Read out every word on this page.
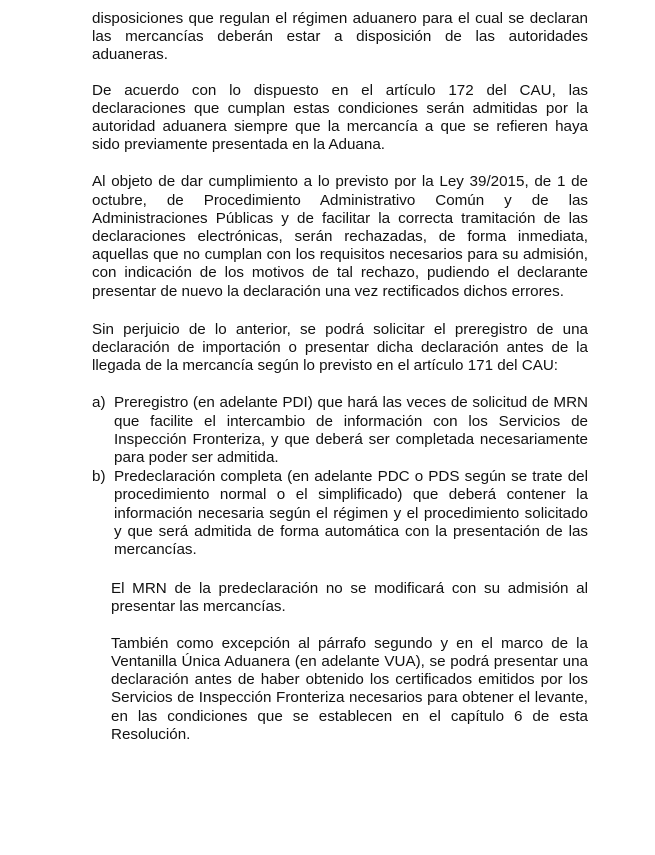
disposiciones que regulan el régimen aduanero para el cual se declaran las mercancías deberán estar a disposición de las autoridades aduaneras.

De acuerdo con lo dispuesto en el artículo 172 del CAU, las declaraciones que cumplan estas condiciones serán admitidas por la autoridad aduanera siempre que la mercancía a que se refieren haya sido previamente presentada en la Aduana.

Al objeto de dar cumplimiento a lo previsto por la Ley 39/2015, de 1 de octubre, de Procedimiento Administrativo Común y de las Administraciones Públicas y de facilitar la correcta tramitación de las declaraciones electrónicas, serán rechazadas, de forma inmediata, aquellas que no cumplan con los requisitos necesarios para su admisión, con indicación de los motivos de tal rechazo, pudiendo el declarante presentar de nuevo la declaración una vez rectificados dichos errores.

Sin perjuicio de lo anterior, se podrá solicitar el preregistro de una declaración de importación o presentar dicha declaración antes de la llegada de la mercancía según lo previsto en el artículo 171 del CAU:

a) Preregistro (en adelante PDI) que hará las veces de solicitud de MRN que facilite el intercambio de información con los Servicios de Inspección Fronteriza, y que deberá ser completada necesariamente para poder ser admitida.
b) Predeclaración completa (en adelante PDC o PDS según se trate del procedimiento normal o el simplificado) que deberá contener la información necesaria según el régimen y el procedimiento solicitado y que será admitida de forma automática con la presentación de las mercancías.

El MRN de la predeclaración no se modificará con su admisión al presentar las mercancías.

También como excepción al párrafo segundo y en el marco de la Ventanilla Única Aduanera (en adelante VUA), se podrá presentar una declaración antes de haber obtenido los certificados emitidos por los Servicios de Inspección Fronteriza necesarios para obtener el levante, en las condiciones que se establecen en el capítulo 6 de esta Resolución.
